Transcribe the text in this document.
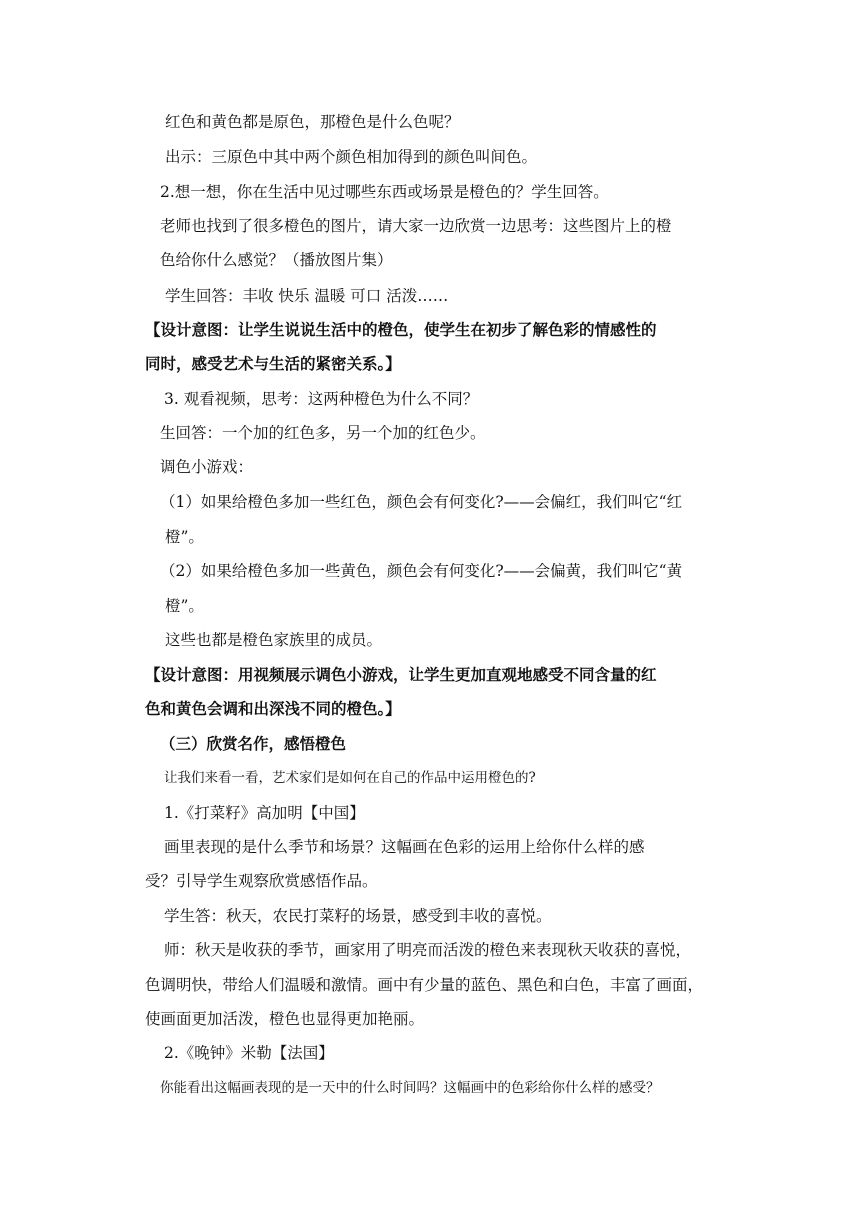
红色和黄色都是原色，那橙色是什么色呢？
出示：三原色中其中两个颜色相加得到的颜色叫间色。
2.想一想，你在生活中见过哪些东西或场景是橙色的？学生回答。
老师也找到了很多橙色的图片，请大家一边欣赏一边思考：这些图片上的橙
色给你什么感觉？（播放图片集）
学生回答：丰收 快乐 温暖 可口 活泼……
【设计意图：让学生说说生活中的橙色，使学生在初步了解色彩的情感性的
同时，感受艺术与生活的紧密关系。】
3. 观看视频，思考：这两种橙色为什么不同？
生回答：一个加的红色多，另一个加的红色少。
调色小游戏：
（1）如果给橙色多加一些红色，颜色会有何变化?——会偏红，我们叫它“红
橙”。
（2）如果给橙色多加一些黄色，颜色会有何变化?——会偏黄，我们叫它“黄
橙”。
这些也都是橙色家族里的成员。
【设计意图：用视频展示调色小游戏，让学生更加直观地感受不同含量的红
色和黄色会调和出深浅不同的橙色。】
（三）欣赏名作，感悟橙色
让我们来看一看，艺术家们是如何在自己的作品中运用橙色的?
1.《打菜籽》高加明【中国】
画里表现的是什么季节和场景？这幅画在色彩的运用上给你什么样的感
受？引导学生观察欣赏感悟作品。
学生答：秋天，农民打菜籽的场景，感受到丰收的喜悦。
师：秋天是收获的季节，画家用了明亮而活泼的橙色来表现秋天收获的喜悦，
色调明快，带给人们温暖和激情。画中有少量的蓝色、黑色和白色，丰富了画面，
使画面更加活泼，橙色也显得更加艳丽。
2.《晚钟》米勒【法国】
你能看出这幅画表现的是一天中的什么时间吗？这幅画中的色彩给你什么样的感受？
